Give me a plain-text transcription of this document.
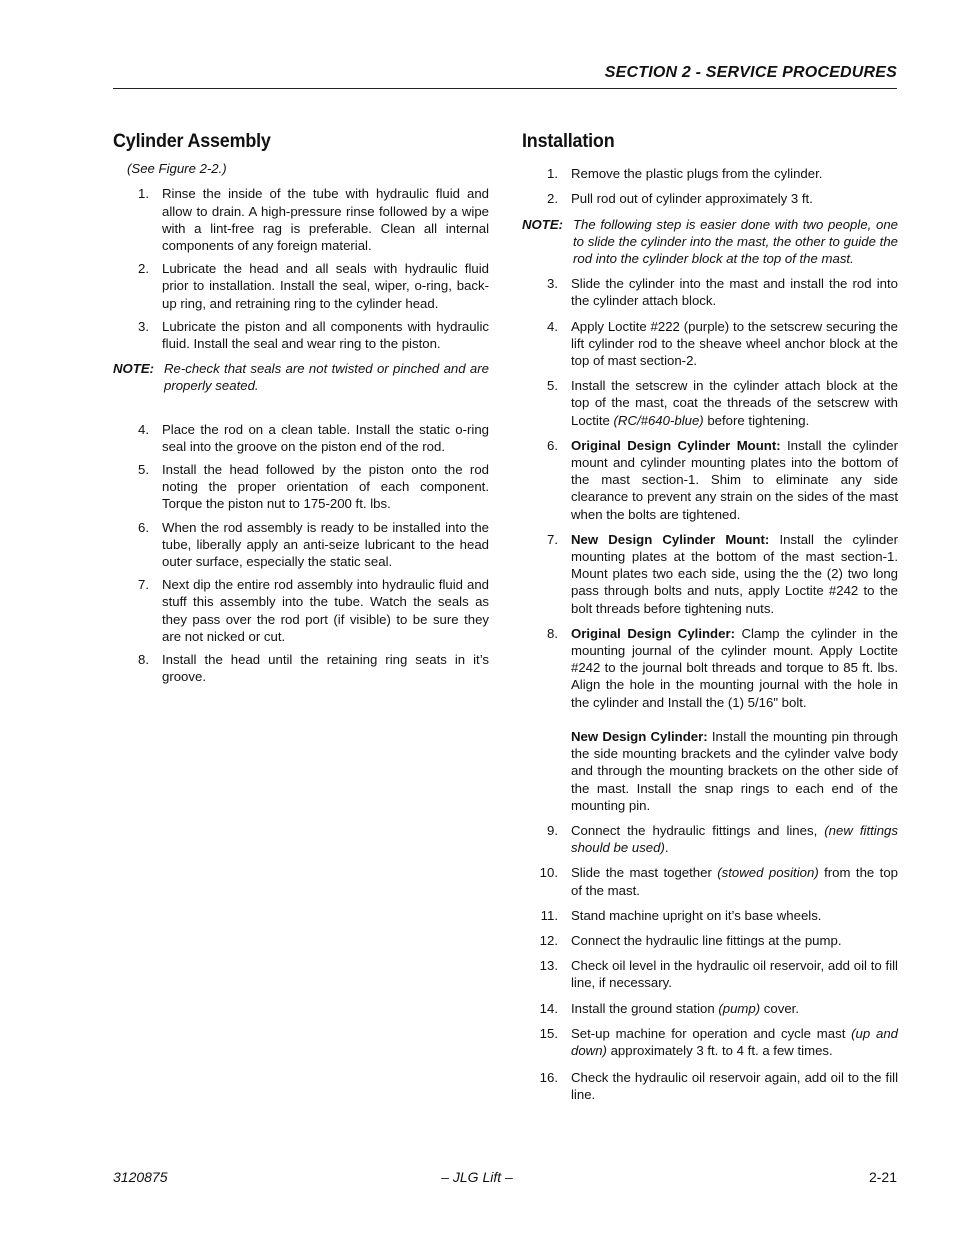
SECTION 2 - SERVICE PROCEDURES
Cylinder Assembly
(See Figure 2-2.)
1 . Rinse the inside of the tube with hydraulic fluid and allow to drain. A high-pressure rinse followed by a wipe with a lint-free rag is preferable. Clean all internal components of any foreign material.
2 . Lubricate the head and all seals with hydraulic fluid prior to installation. Install the seal, wiper, o-ring, back-up ring, and retraining ring to the cylinder head.
3 . Lubricate the piston and all components with hydraulic fluid. Install the seal and wear ring to the piston.
NOTE: Re-check that seals are not twisted or pinched and are properly seated.
4 . Place the rod on a clean table. Install the static o-ring seal into the groove on the piston end of the rod.
5 . Install the head followed by the piston onto the rod noting the proper orientation of each component. Torque the piston nut to 175-200 ft. lbs.
6 . When the rod assembly is ready to be installed into the tube, liberally apply an anti-seize lubricant to the head outer surface, especially the static seal.
7 . Next dip the entire rod assembly into hydraulic fluid and stuff this assembly into the tube. Watch the seals as they pass over the rod port (if visible) to be sure they are not nicked or cut.
8 . Install the head until the retaining ring seats in it’s groove.
Installation
1 . Remove the plastic plugs from the cylinder.
2 . Pull rod out of cylinder approximately 3 ft.
NOTE: The following step is easier done with two people, one to slide the cylinder into the mast, the other to guide the rod into the cylinder block at the top of the mast.
3 . Slide the cylinder into the mast and install the rod into the cylinder attach block.
4 . Apply Loctite #222 (purple) to the setscrew securing the lift cylinder rod to the sheave wheel anchor block at the top of mast section-2.
5 . Install the setscrew in the cylinder attach block at the top of the mast, coat the threads of the setscrew with Loctite (RC/#640-blue) before tightening.
6 . Original Design Cylinder Mount: Install the cylinder mount and cylinder mounting plates into the bottom of the mast section-1. Shim to eliminate any side clearance to prevent any strain on the sides of the mast when the bolts are tightened.
7 . New Design Cylinder Mount: Install the cylinder mounting plates at the bottom of the mast section-1. Mount plates two each side, using the the (2) two long pass through bolts and nuts, apply Loctite #242 to the bolt threads before tightening nuts.
8 . Original Design Cylinder: Clamp the cylinder in the mounting journal of the cylinder mount. Apply Loctite #242 to the journal bolt threads and torque to 85 ft. lbs. Align the hole in the mounting journal with the hole in the cylinder and Install the (1) 5/16" bolt.
New Design Cylinder: Install the mounting pin through the side mounting brackets and the cylinder valve body and through the mounting brackets on the other side of the mast. Install the snap rings to each end of the mounting pin.
9 . Connect the hydraulic fittings and lines, (new fittings should be used).
10 . Slide the mast together (stowed position) from the top of the mast.
11 . Stand machine upright on it’s base wheels.
12 . Connect the hydraulic line fittings at the pump.
13 . Check oil level in the hydraulic oil reservoir, add oil to fill line, if necessary.
14 . Install the ground station (pump) cover.
15 . Set-up machine for operation and cycle mast (up and down) approximately 3 ft. to 4 ft. a few times.
16 . Check the hydraulic oil reservoir again, add oil to the fill line.
3120875	– JLG Lift –	2-21
